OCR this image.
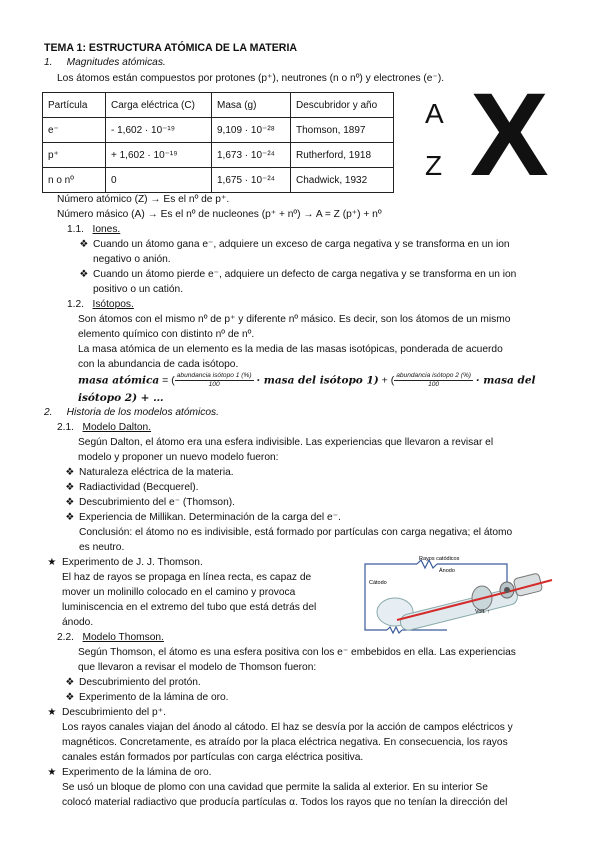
TEMA 1: ESTRUCTURA ATÓMICA DE LA MATERIA
1. Magnitudes atómicas.
Los átomos están compuestos por protones (p⁺), neutrones (n o nº) y electrones (e⁻).
Partícula	Carga eléctrica (C)	Masa (g)	Descubridor y año
e⁻	- 1,602 · 10⁻¹⁹	9,109 · 10⁻²⁸	Thomson, 1897
p⁺	+ 1,602 · 10⁻¹⁹	1,673 · 10⁻²⁴	Rutherford, 1918
n o nº	0	1,675 · 10⁻²⁴	Chadwick, 1932
A
Z X
Número atómico (Z) → Es el nº de p⁺.
Número másico (A) → Es el nº de nucleones (p⁺ + nº) → A = Z (p⁺) + nº
1.1. Iones.
❖ Cuando un átomo gana e⁻, adquiere un exceso de carga negativa y se transforma en un ion
negativo o anión.
❖ Cuando un átomo pierde e⁻, adquiere un defecto de carga negativa y se transforma en un ion
positivo o un catión.
1.2. Isótopos.
Son átomos con el mismo nº de p⁺ y diferente nº másico. Es decir, son los átomos de un mismo
elemento químico con distinto nº de nº.
La masa atómica de un elemento es la media de las masas isotópicas, ponderada de acuerdo
con la abundancia de cada isótopo.
masa atómica = ( $\frac{\text{abundancia isótopo 1 (\%)}}{100}$ · masa del isótopo 1) + ( $\frac{\text{abundancia isótopo 2 (\%)}}{100}$ · masa del
isótopo 2) + …
2. Historia de los modelos atómicos.
2.1. Modelo Dalton.
Según Dalton, el átomo era una esfera indivisible. Las experiencias que llevaron a revisar el
modelo y proponer un nuevo modelo fueron:
❖ Naturaleza eléctrica de la materia.
❖ Radiactividad (Becquerel).
❖ Descubrimiento del e⁻ (Thomson).
❖ Experiencia de Millikan. Determinación de la carga del e⁻.
Conclusión: el átomo no es indivisible, está formado por partículas con carga negativa; el átomo
es neutro.
★ Experimento de J. J. Thomson.
El haz de rayos se propaga en línea recta, es capaz de
mover un molinillo colocado en el camino y provoca
luminiscencia en el extremo del tubo que está detrás del
ánodo.
Rayos catódicos
Ánodo
Cátodo
Volt. ↑
2.2. Modelo Thomson.
Según Thomson, el átomo es una esfera positiva con los e⁻ embebidos en ella. Las experiencias
que llevaron a revisar el modelo de Thomson fueron:
❖ Descubrimiento del protón.
❖ Experimento de la lámina de oro.
★ Descubrimiento del p⁺.
Los rayos canales viajan del ánodo al cátodo. El haz se desvía por la acción de campos eléctricos y
magnéticos. Concretamente, es atraído por la placa eléctrica negativa. En consecuencia, los rayos
canales están formados por partículas con carga eléctrica positiva.
★ Experimento de la lámina de oro.
Se usó un bloque de plomo con una cavidad que permite la salida al exterior. En su interior Se
colocó material radiactivo que producía partículas α. Todos los rayos que no tenían la dirección del
